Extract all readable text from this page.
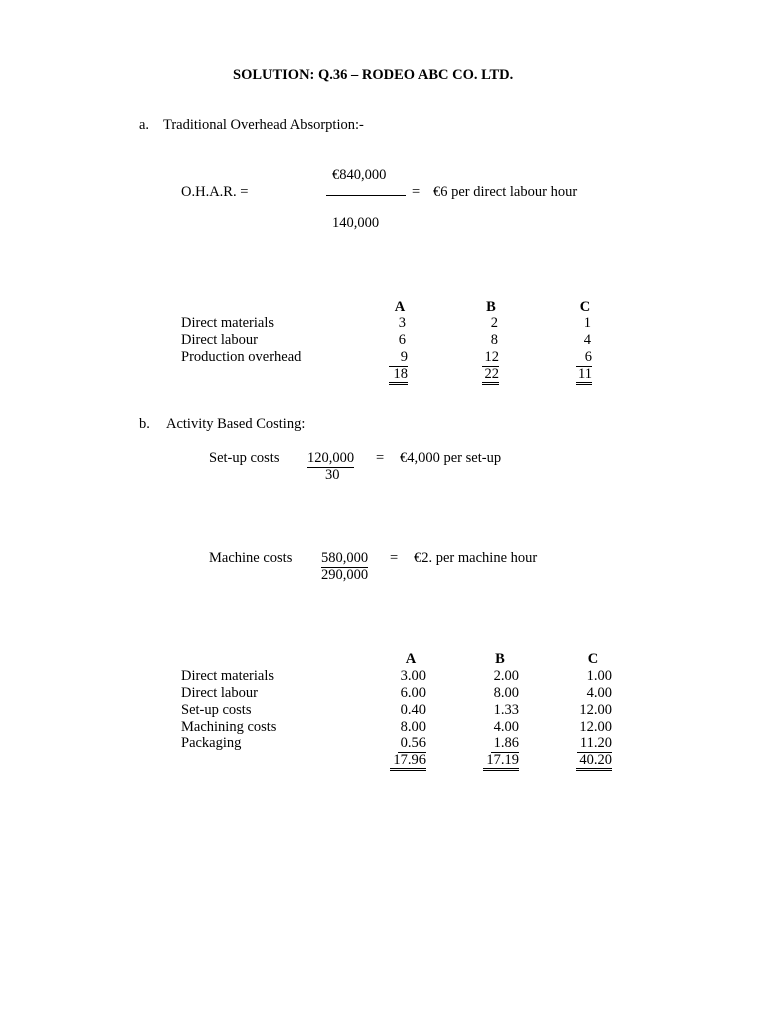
SOLUTION: Q.36 – RODEO ABC CO. LTD.
a. Traditional Overhead Absorption:-
€840,000
O.H.A.R. =	= €6 per direct labour hour
140,000
A	B	C
Direct materials	3	2	1
Direct labour	6	8	4
Production overhead	9	12	6
18	22	11
b. Activity Based Costing:
Set-up costs 120,000 = €4,000 per set-up
30
Machine costs 580,000 = €2. per machine hour
290,000
A	B	C
Direct materials	3.00	2.00	1.00
Direct labour	6.00	8.00	4.00
Set-up costs	0.40	1.33	12.00
Machining costs	8.00	4.00	12.00
Packaging	0.56	1.86	11.20
17.96	17.19	40.20
